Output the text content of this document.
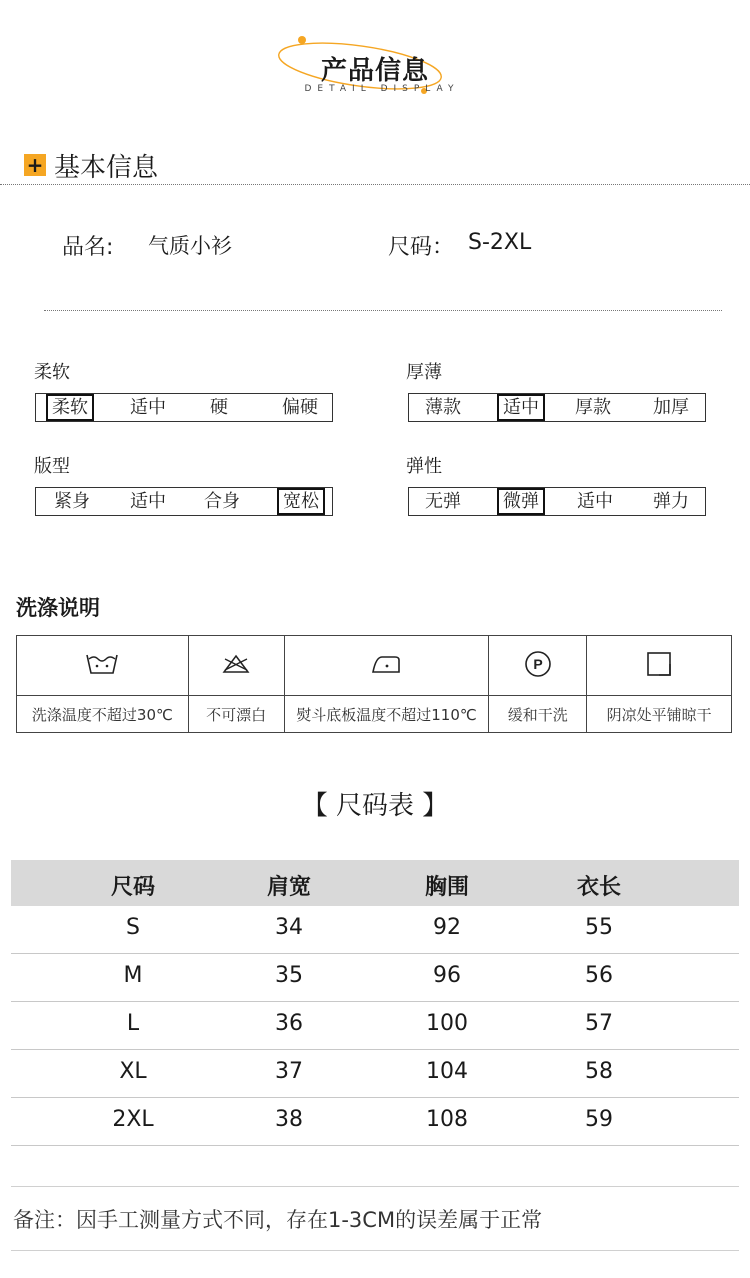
产品信息
DETAIL DISPLAY
+ 基本信息
品名: 气质小衫	尺码： S-2XL
柔软
柔软	适中	硬	偏硬
厚薄
薄款	适中	厚款	加厚
版型
紧身	适中	合身	宽松
弹性
无弹	微弹	适中	弹力
洗涤说明

P

洗涤温度不超过30℃	不可漂白	熨斗底板温度不超过110℃	缓和干洗	阴凉处平铺晾干
【 尺码表 】
尺码	肩宽	胸围	衣长
S	34	92	55
M	35	96	56
L	36	100	57
XL	37	104	58
2XL	38	108	59
备注：因手工测量方式不同，存在1-3CM的误差属于正常
